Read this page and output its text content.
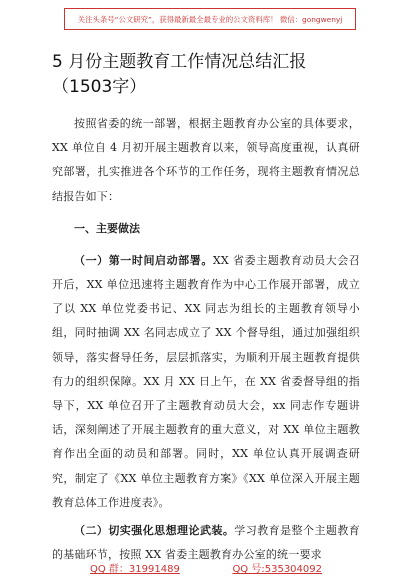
关注头条号“公文研究”，获得最新最全最专业的公文资料库！ 微信：gongwenyj
5 月份主题教育工作情况总结汇报（1503字）

按照省委的统一部署，根据主题教育办公室的具体要求，XX 单位自 4 月初开展主题教育以来，领导高度重视，认真研究部署，扎实推进各个环节的工作任务，现将主题教育情况总结报告如下：

一、主要做法

（一）第一时间启动部署。XX 省委主题教育动员大会召开后，XX 单位迅速将主题教育作为中心工作展开部署，成立了以 XX 单位党委书记、XX 同志为组长的主题教育领导小组，同时抽调 XX 名同志成立了 XX 个督导组，通过加强组织领导，落实督导任务，层层抓落实，为顺利开展主题教育提供有力的组织保障。XX 月 XX 日上午，在 XX 省委督导组的指导下，XX 单位召开了主题教育动员大会，xx 同志作专题讲话，深刻阐述了开展主题教育的重大意义，对 XX 单位主题教育作出全面的动员和部署。同时，XX 单位认真开展调查研究，制定了《XX 单位主题教育方案》《XX 单位深入开展主题教育总体工作进度表》。

（二）切实强化思想理论武装。学习教育是整个主题教育的基础环节，按照 XX 省委主题教育办公室的统一要求

QQ 群：31991489	QQ 号:535304092
